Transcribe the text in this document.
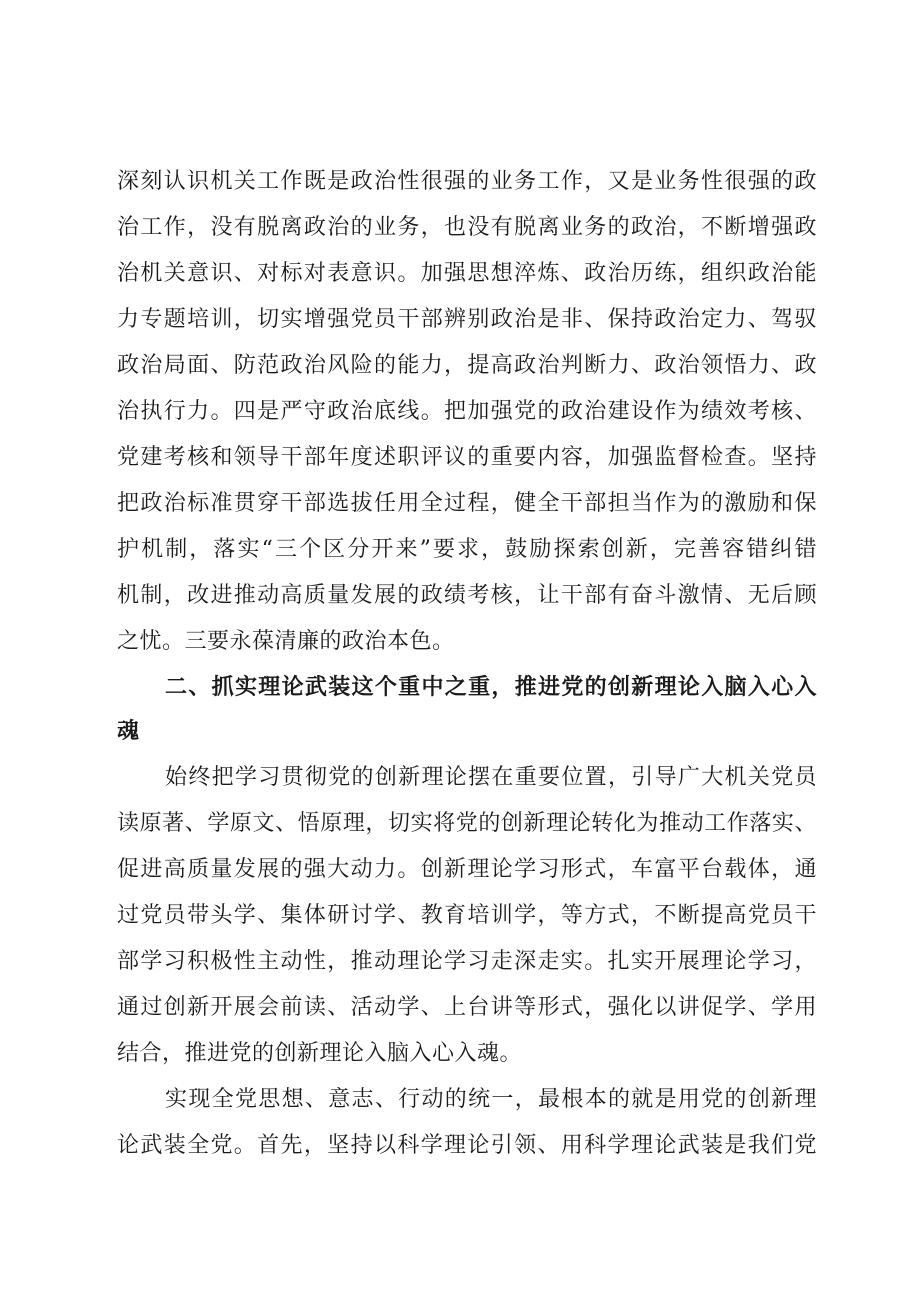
深刻认识机关工作既是政治性很强的业务工作，又是业务性很强的政
治工作，没有脱离政治的业务，也没有脱离业务的政治，不断增强政
治机关意识、对标对表意识。加强思想淬炼、政治历练，组织政治能
力专题培训，切实增强党员干部辨别政治是非、保持政治定力、驾驭
政治局面、防范政治风险的能力，提高政治判断力、政治领悟力、政
治执行力。四是严守政治底线。把加强党的政治建设作为绩效考核、
党建考核和领导干部年度述职评议的重要内容，加强监督检查。坚持
把政治标准贯穿干部选拔任用全过程，健全干部担当作为的激励和保
护机制，落实“三个区分开来”要求，鼓励探索创新，完善容错纠错
机制，改进推动高质量发展的政绩考核，让干部有奋斗激情、无后顾
之忧。三要永葆清廉的政治本色。
二、抓实理论武装这个重中之重，推进党的创新理论入脑入心入
魂
始终把学习贯彻党的创新理论摆在重要位置，引导广大机关党员
读原著、学原文、悟原理，切实将党的创新理论转化为推动工作落实、
促进高质量发展的强大动力。创新理论学习形式，车富平台载体，通
过党员带头学、集体研讨学、教育培训学，等方式，不断提高党员干
部学习积极性主动性，推动理论学习走深走实。扎实开展理论学习，
通过创新开展会前读、活动学、上台讲等形式，强化以讲促学、学用
结合，推进党的创新理论入脑入心入魂。
实现全党思想、意志、行动的统一，最根本的就是用党的创新理
论武装全党。首先，坚持以科学理论引领、用科学理论武装是我们党
